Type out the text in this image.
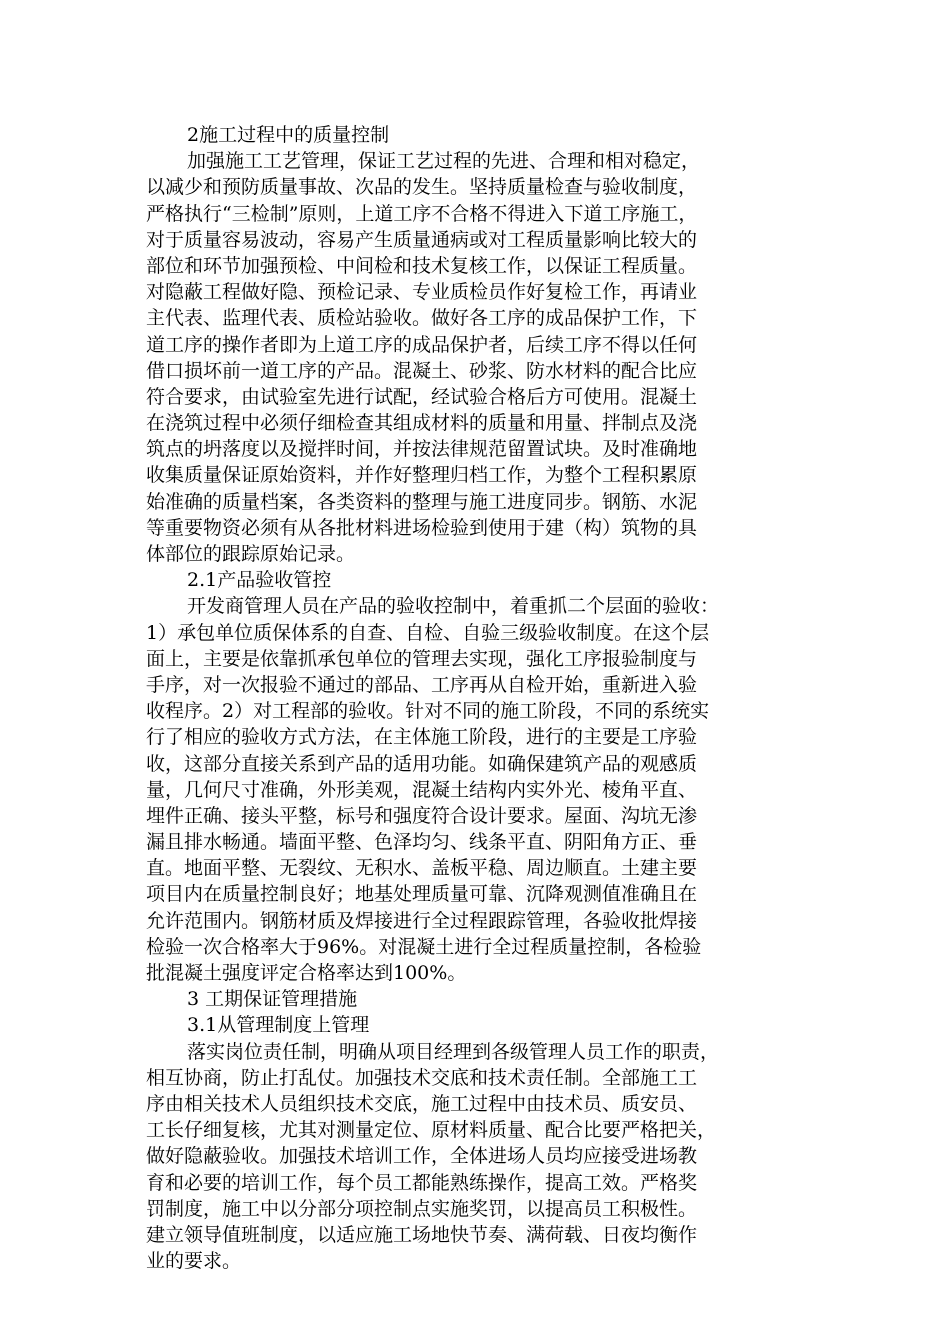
2施工过程中的质量控制
加强施工工艺管理，保证工艺过程的先进、合理和相对稳定，
以减少和预防质量事故、次品的发生。坚持质量检查与验收制度，
严格执行“三检制”原则，上道工序不合格不得进入下道工序施工，
对于质量容易波动，容易产生质量通病或对工程质量影响比较大的
部位和环节加强预检、中间检和技术复核工作，以保证工程质量。
对隐蔽工程做好隐、预检记录、专业质检员作好复检工作，再请业
主代表、监理代表、质检站验收。做好各工序的成品保护工作，下
道工序的操作者即为上道工序的成品保护者，后续工序不得以任何
借口损坏前一道工序的产品。混凝土、砂浆、防水材料的配合比应
符合要求，由试验室先进行试配，经试验合格后方可使用。混凝土
在浇筑过程中必须仔细检查其组成材料的质量和用量、拌制点及浇
筑点的坍落度以及搅拌时间，并按法律规范留置试块。及时准确地
收集质量保证原始资料，并作好整理归档工作，为整个工程积累原
始准确的质量档案，各类资料的整理与施工进度同步。钢筋、水泥
等重要物资必须有从各批材料进场检验到使用于建（构）筑物的具
体部位的跟踪原始记录。
2.1产品验收管控
开发商管理人员在产品的验收控制中，着重抓二个层面的验收：
1）承包单位质保体系的自查、自检、自验三级验收制度。在这个层
面上，主要是依靠抓承包单位的管理去实现，强化工序报验制度与
手序，对一次报验不通过的部品、工序再从自检开始，重新进入验
收程序。2）对工程部的验收。针对不同的施工阶段，不同的系统实
行了相应的验收方式方法，在主体施工阶段，进行的主要是工序验
收，这部分直接关系到产品的适用功能。如确保建筑产品的观感质
量，几何尺寸准确，外形美观，混凝土结构内实外光、棱角平直、
埋件正确、接头平整，标号和强度符合设计要求。屋面、沟坑无渗
漏且排水畅通。墙面平整、色泽均匀、线条平直、阴阳角方正、垂
直。地面平整、无裂纹、无积水、盖板平稳、周边顺直。土建主要
项目内在质量控制良好；地基处理质量可靠、沉降观测值准确且在
允许范围内。钢筋材质及焊接进行全过程跟踪管理，各验收批焊接
检验一次合格率大于96%。对混凝土进行全过程质量控制，各检验
批混凝土强度评定合格率达到100%。
3 工期保证管理措施
3.1从管理制度上管理
落实岗位责任制，明确从项目经理到各级管理人员工作的职责，
相互协商，防止打乱仗。加强技术交底和技术责任制。全部施工工
序由相关技术人员组织技术交底，施工过程中由技术员、质安员、
工长仔细复核，尤其对测量定位、原材料质量、配合比要严格把关，
做好隐蔽验收。加强技术培训工作，全体进场人员均应接受进场教
育和必要的培训工作，每个员工都能熟练操作，提高工效。严格奖
罚制度，施工中以分部分项控制点实施奖罚，以提高员工积极性。
建立领导值班制度，以适应施工场地快节奏、满荷载、日夜均衡作
业的要求。
